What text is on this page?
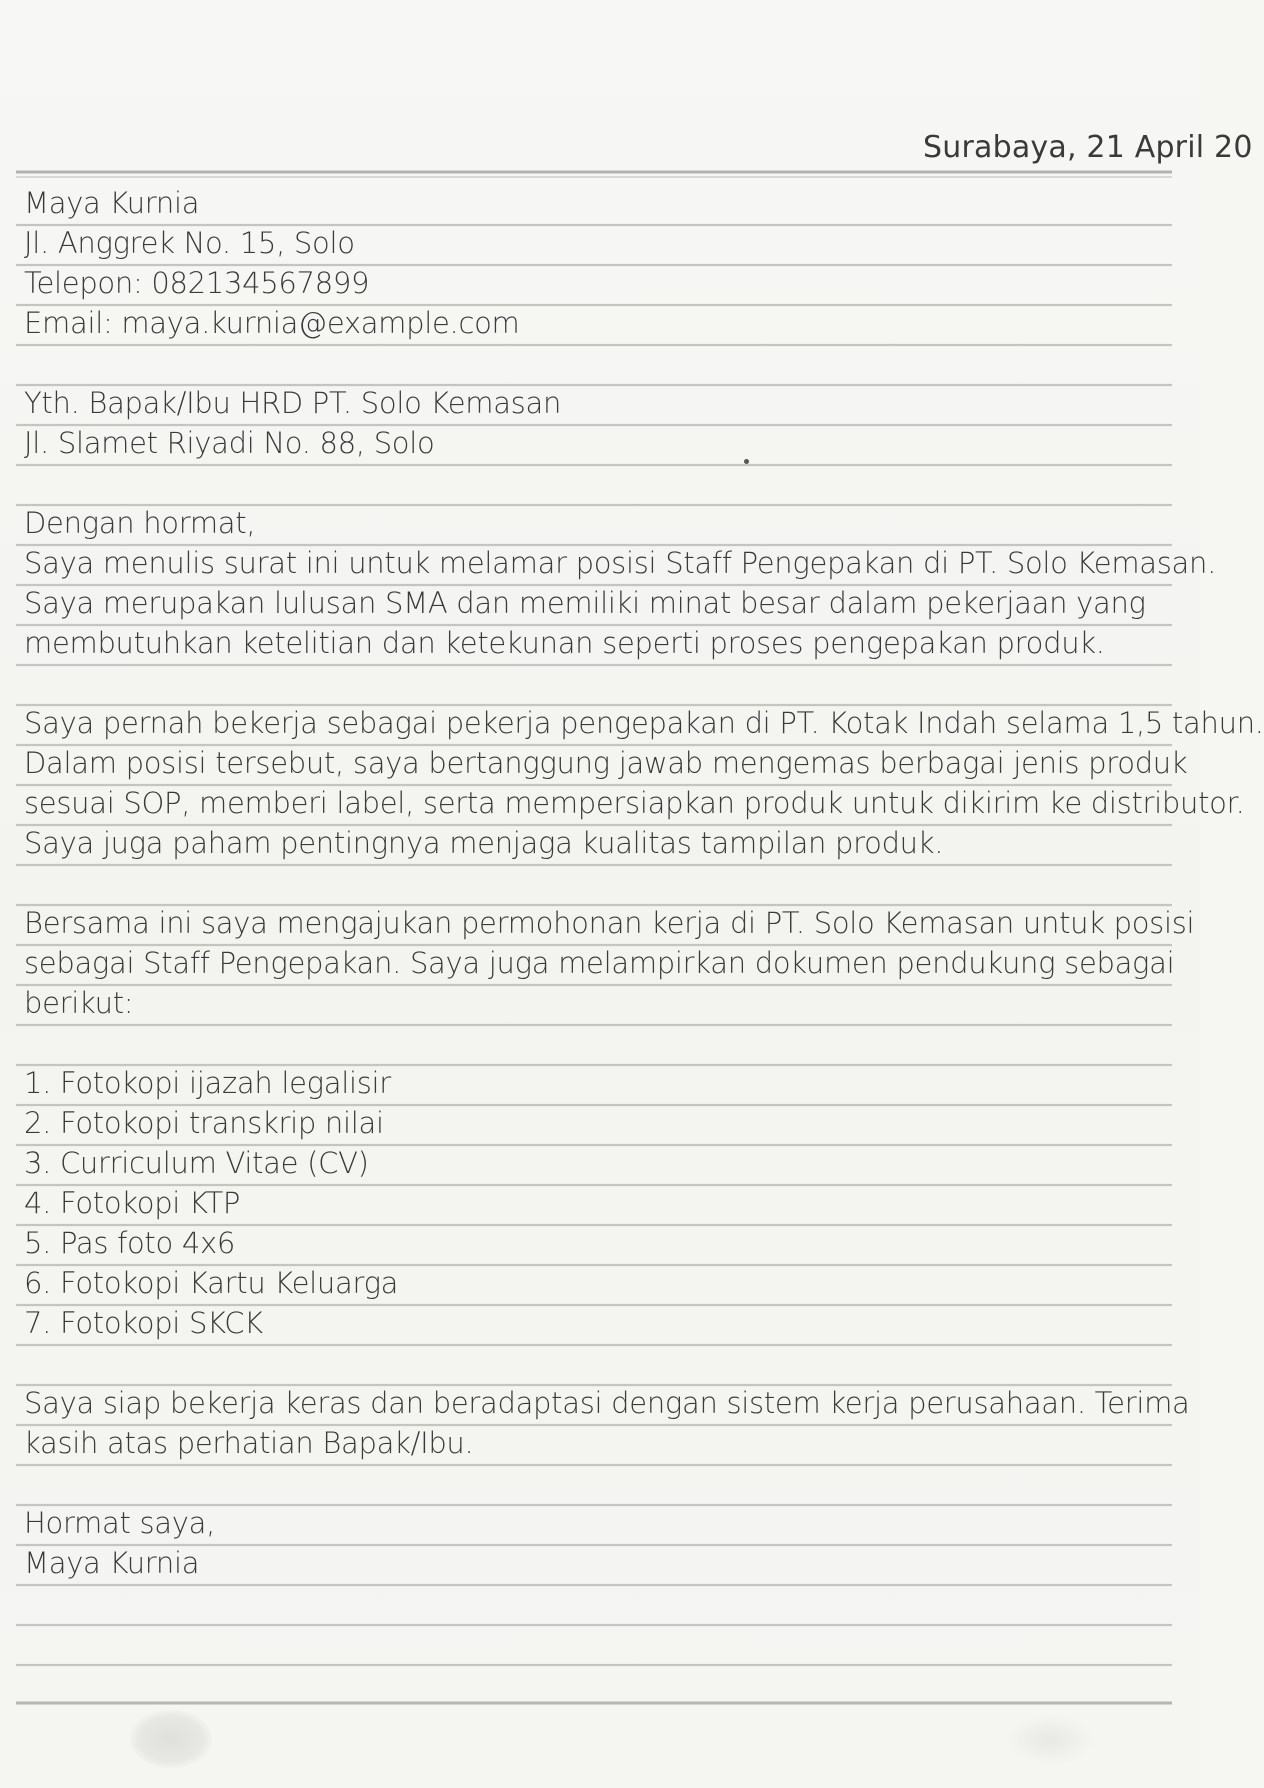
Surabaya, 21 April 20
Maya Kurnia
Jl. Anggrek No. 15, Solo
Telepon: 082134567899
Email: maya.kurnia@example.com
Yth. Bapak/Ibu HRD PT. Solo Kemasan
Jl. Slamet Riyadi No. 88, Solo
Dengan hormat,
Saya menulis surat ini untuk melamar posisi Staff Pengepakan di PT. Solo Kemasan.
Saya merupakan lulusan SMA dan memiliki minat besar dalam pekerjaan yang
membutuhkan ketelitian dan ketekunan seperti proses pengepakan produk.
Saya pernah bekerja sebagai pekerja pengepakan di PT. Kotak Indah selama 1,5 tahun.
Dalam posisi tersebut, saya bertanggung jawab mengemas berbagai jenis produk
sesuai SOP, memberi label, serta mempersiapkan produk untuk dikirim ke distributor.
Saya juga paham pentingnya menjaga kualitas tampilan produk.
Bersama ini saya mengajukan permohonan kerja di PT. Solo Kemasan untuk posisi
sebagai Staff Pengepakan. Saya juga melampirkan dokumen pendukung sebagai
berikut:
1. Fotokopi ijazah legalisir
2. Fotokopi transkrip nilai
3. Curriculum Vitae (CV)
4. Fotokopi KTP
5. Pas foto 4x6
6. Fotokopi Kartu Keluarga
7. Fotokopi SKCK
Saya siap bekerja keras dan beradaptasi dengan sistem kerja perusahaan. Terima
kasih atas perhatian Bapak/Ibu.
Hormat saya,
Maya Kurnia
